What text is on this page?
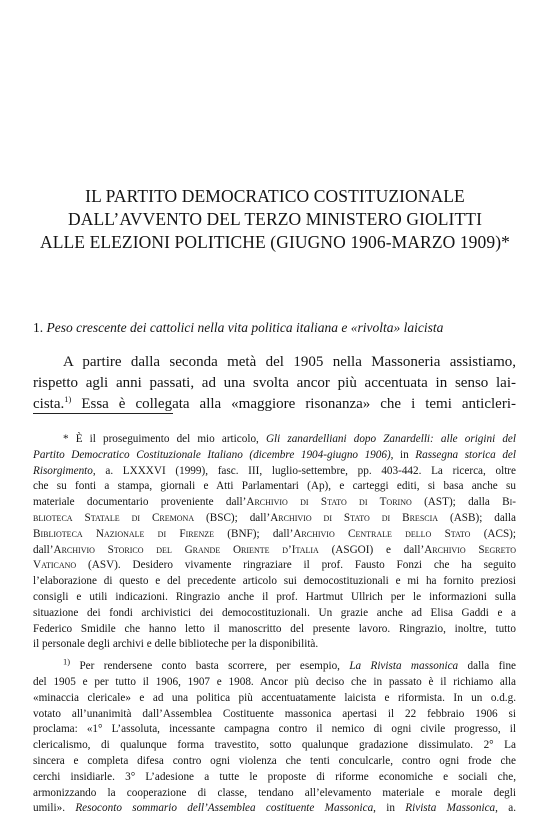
IL PARTITO DEMOCRATICO COSTITUZIONALE
DALL’AVVENTO DEL TERZO MINISTERO GIOLITTI
ALLE ELEZIONI POLITICHE (GIUGNO 1906-MARZO 1909)*
1. Peso crescente dei cattolici nella vita politica italiana e «rivolta» laicista
A partire dalla seconda metà del 1905 nella Massoneria assistiamo,
rispetto agli anni passati, ad una svolta ancor più accentuata in senso lai-
cista.$^{1)}$ Essa è collegata alla «maggiore risonanza» che i temi anticleri-
* È il proseguimento del mio articolo, Gli zanardelliani dopo Zanardelli: alle origini del
Partito Democratico Costituzionale Italiano (dicembre 1904-giugno 1906), in Rassegna storica del
Risorgimento, a. LXXXVI (1999), fasc. III, luglio-settembre, pp. 403-442. La ricerca, oltre
che su fonti a stampa, giornali e Atti Parlamentari (Ap), e carteggi editi, si basa anche su
materiale documentario proveniente dall’Archivio di Stato di Torino (AST); dalla Bi-
blioteca Statale di Cremona (BSC); dall’Archivio di Stato di Brescia (ASB); dalla
Biblioteca Nazionale di Firenze (BNF); dall’Archivio Centrale dello Stato (ACS);
dall’Archivio Storico del Grande Oriente d’Italia (ASGOI) e dall’Archivio Segreto
Vaticano (ASV). Desidero vivamente ringraziare il prof. Fausto Fonzi che ha seguito
l’elaborazione di questo e del precedente articolo sui democostituzionali e mi ha fornito preziosi
consigli e utili indicazioni. Ringrazio anche il prof. Hartmut Ullrich per le informazioni sulla
situazione dei fondi archivistici dei democostituzionali. Un grazie anche ad Elisa Gaddi e a
Federico Smidile che hanno letto il manoscritto del presente lavoro. Ringrazio, inoltre, tutto
il personale degli archivi e delle biblioteche per la disponibilità.
$^{1)}$ Per rendersene conto basta scorrere, per esempio, La Rivista massonica dalla fine
del 1905 e per tutto il 1906, 1907 e 1908. Ancor più deciso che in passato è il richiamo alla
«minaccia clericale» e ad una politica più accentuatamente laicista e riformista. In un o.d.g.
votato all’unanimità dall’Assemblea Costituente massonica apertasi il 22 febbraio 1906 si
proclama: «1° L’assoluta, incessante campagna contro il nemico di ogni civile progresso, il
clericalismo, di qualunque forma travestito, sotto qualunque gradazione dissimulato. 2° La
sincera e completa difesa contro ogni violenza che tenti conculcarle, contro ogni frode che
cerchi insidiarle. 3° L’adesione a tutte le proposte di riforme economiche e sociali che,
armonizzando la cooperazione di classe, tendano all’elevamento materiale e morale degli
umili». Resoconto sommario dell’Assemblea costituente Massonica, in Rivista Massonica, a.
